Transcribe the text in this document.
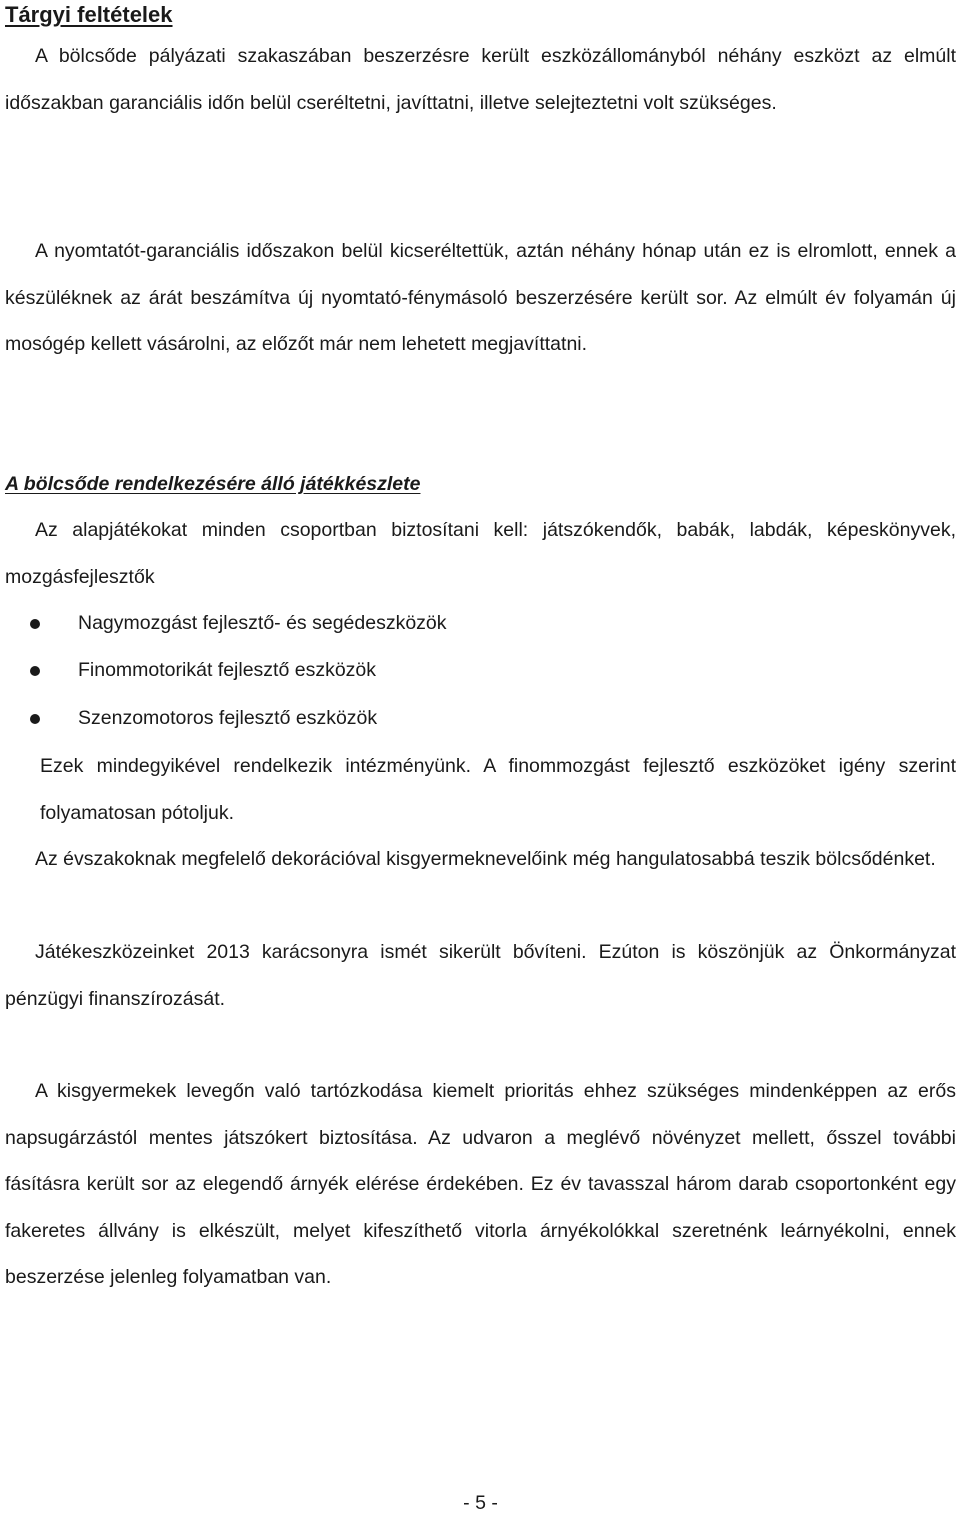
Tárgyi feltételek

A bölcsőde pályázati szakaszában beszerzésre került eszközállományból néhány eszközt az elmúlt időszakban garanciális időn belül cseréltetni, javíttatni, illetve selejteztetni volt szükséges.

A nyomtatót-garanciális időszakon belül kicseréltettük, aztán néhány hónap után ez is elromlott, ennek a készüléknek az árát beszámítva új nyomtató-fénymásoló beszerzésére került sor. Az elmúlt év folyamán új mosógép kellett vásárolni, az előzőt már nem lehetett megjavíttatni.

A bölcsőde rendelkezésére álló játékkészlete

Az alapjátékokat minden csoportban biztosítani kell: játszókendők, babák, labdák, képeskönyvek, mozgásfejlesztők

Nagymozgást fejlesztő- és segédeszközök
Finommotorikát fejlesztő eszközök
Szenzomotoros fejlesztő eszközök

Ezek mindegyikével rendelkezik intézményünk. A finommozgást fejlesztő eszközöket igény szerint folyamatosan pótoljuk.

Az évszakoknak megfelelő dekorációval kisgyermeknevelőink még hangulatosabbá teszik bölcsődénket.

Játékeszközeinket 2013 karácsonyra ismét sikerült bővíteni. Ezúton is köszönjük az Önkormányzat pénzügyi finanszírozását.

A kisgyermekek levegőn való tartózkodása kiemelt prioritás ehhez szükséges mindenképpen az erős napsugárzástól mentes játszókert biztosítása. Az udvaron a meglévő növényzet mellett, ősszel további fásításra került sor az elegendő árnyék elérése érdekében. Ez év tavasszal három darab csoportonként egy fakeretes állvány is elkészült, melyet kifeszíthető vitorla árnyékolókkal szeretnénk leárnyékolni, ennek beszerzése jelenleg folyamatban van.

- 5 -
